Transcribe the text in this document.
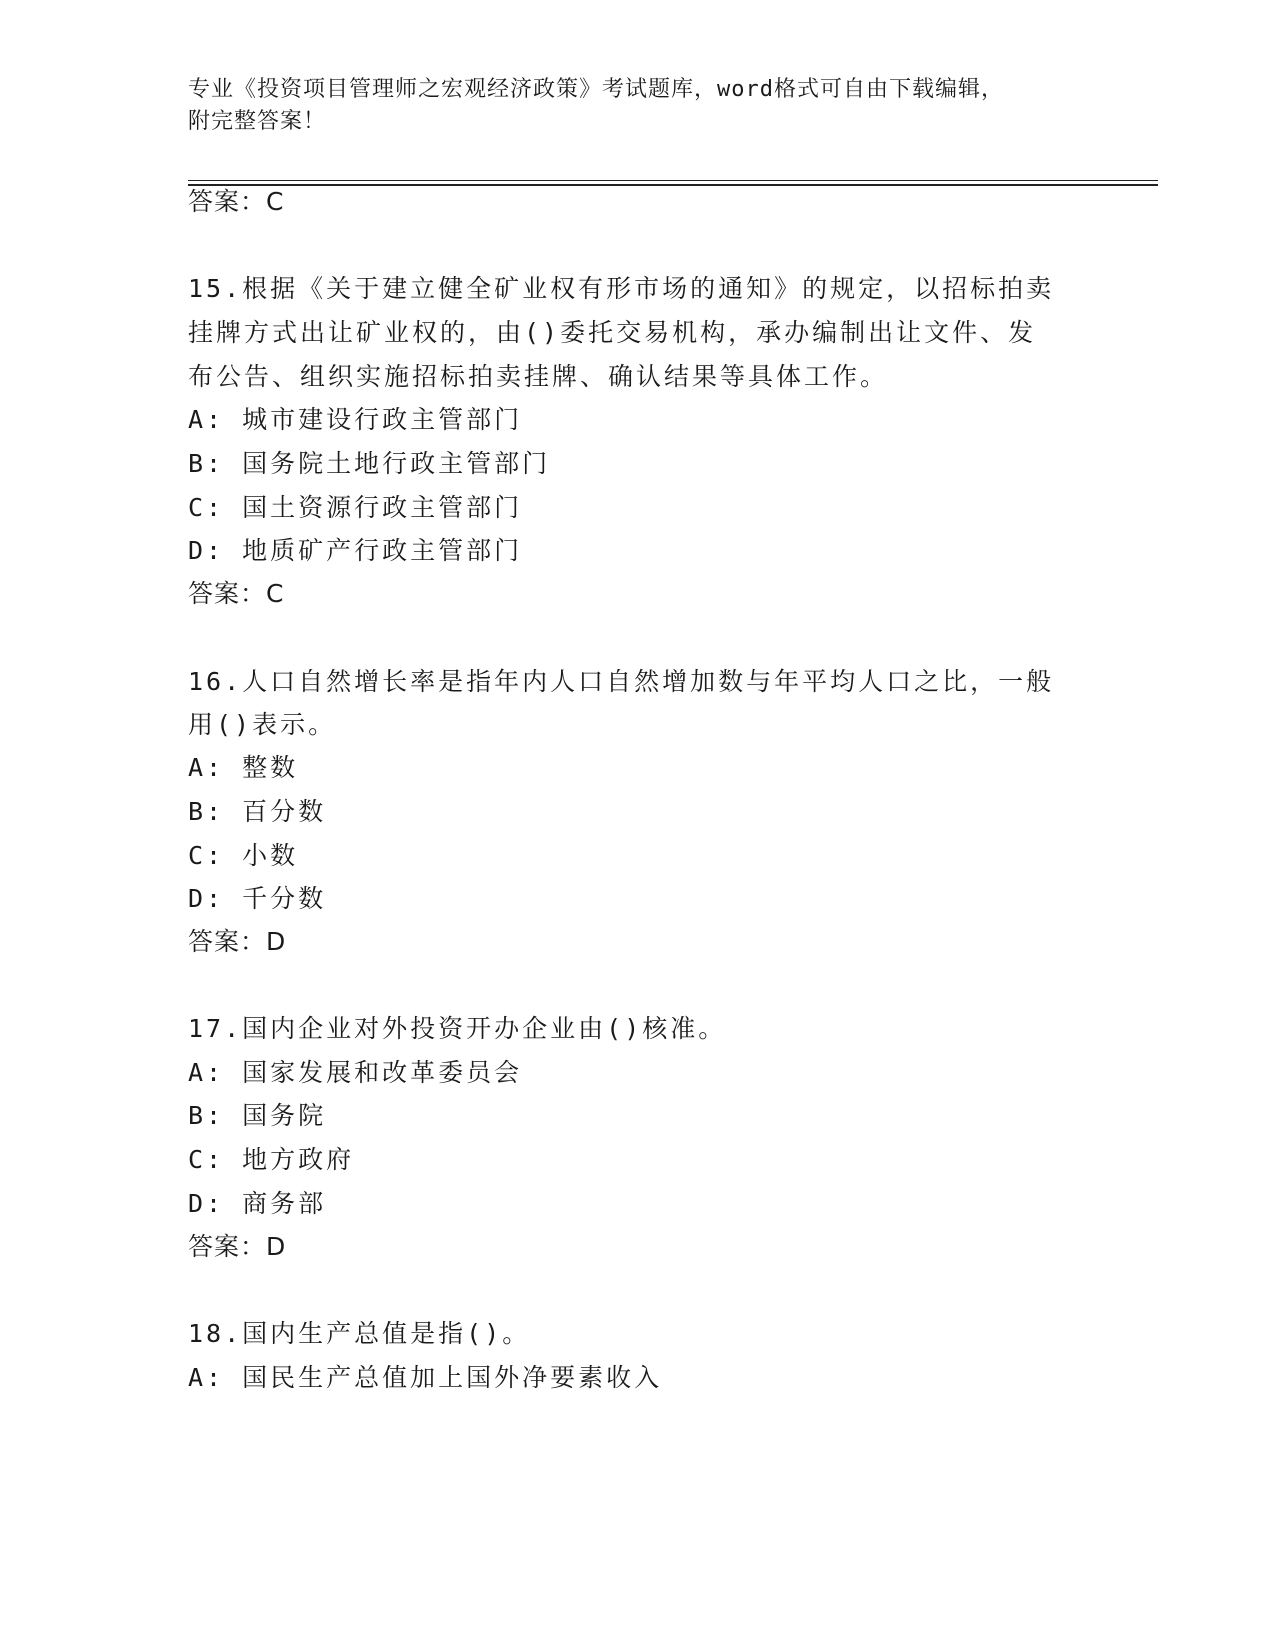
专业《投资项目管理师之宏观经济政策》考试题库，word格式可自由下载编辑，
附完整答案！
答案：C
15.根据《关于建立健全矿业权有形市场的通知》的规定，以招标拍卖
挂牌方式出让矿业权的，由()委托交易机构，承办编制出让文件、发
布公告、组织实施招标拍卖挂牌、确认结果等具体工作。
A: 城市建设行政主管部门
B: 国务院土地行政主管部门
C: 国土资源行政主管部门
D: 地质矿产行政主管部门
答案：C
16.人口自然增长率是指年内人口自然增加数与年平均人口之比，一般
用()表示。
A: 整数
B: 百分数
C: 小数
D: 千分数
答案：D
17.国内企业对外投资开办企业由()核准。
A: 国家发展和改革委员会
B: 国务院
C: 地方政府
D: 商务部
答案：D
18.国内生产总值是指()。
A: 国民生产总值加上国外净要素收入
